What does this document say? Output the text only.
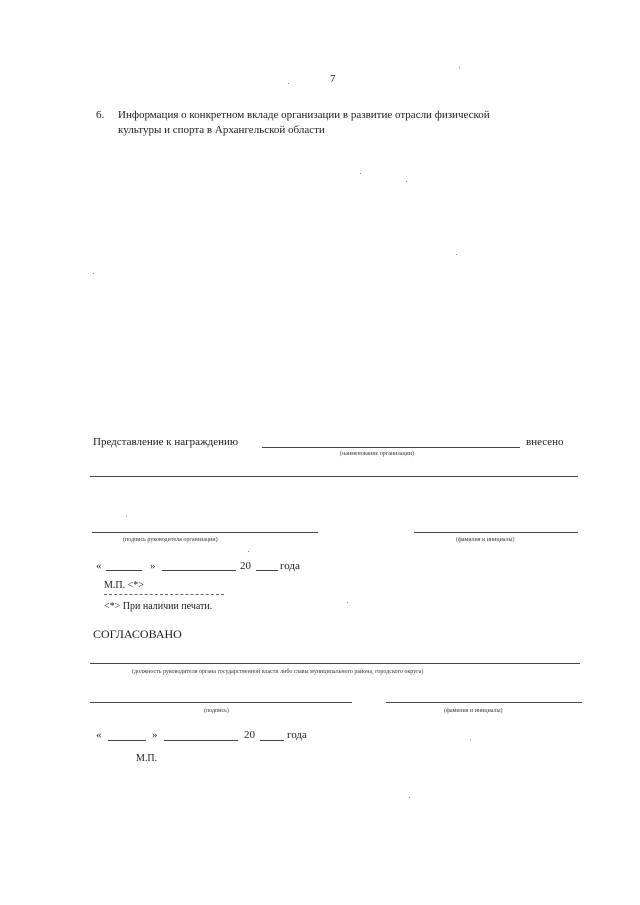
7
6. Информация о конкретном вкладе организации в развитие отрасли физической
культуры и спорта в Архангельской области
Представление к награждению	внесено
(наименование организации)
(подпись руководителя организации)	(фамилия и инициалы)
«	»	20	года
М.П. <*>
<*> При наличии печати.
СОГЛАСОВАНО
(должность руководителя органа государственной власти либо главы муниципального района, городского округа)
(подпись)	(фамилия и инициалы)
«	»	20	года
М.П.
